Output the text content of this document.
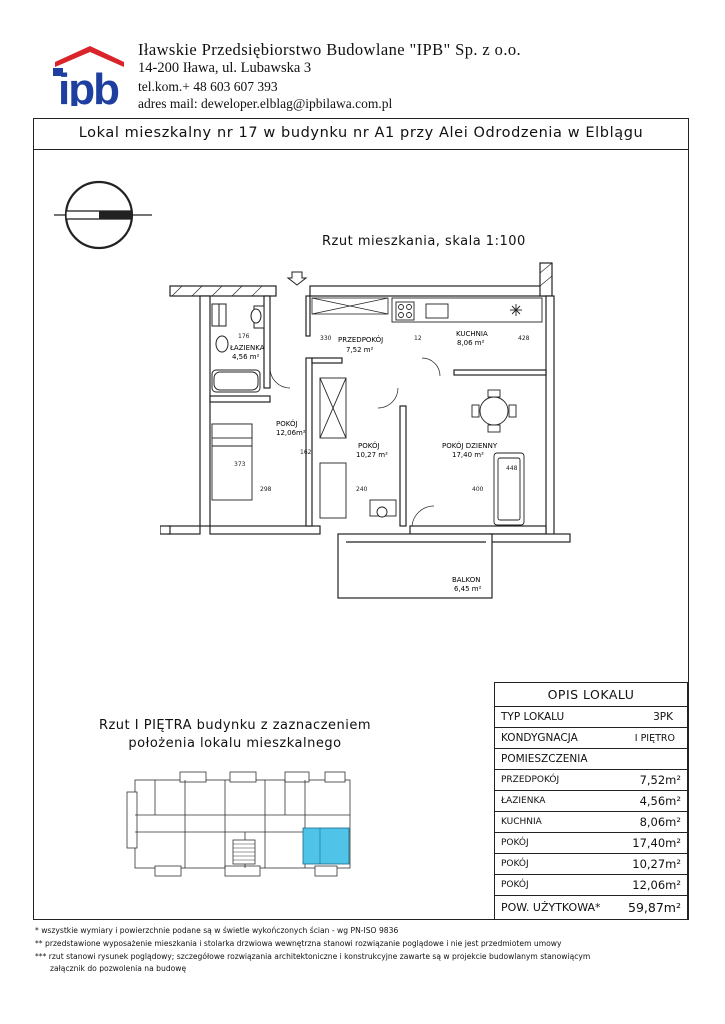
ipb
Iławskie Przedsiębiorstwo Budowlane "IPB" Sp. z o.o.
14-200 Iława, ul. Lubawska 3
tel.kom.+ 48 603 607 393
adres mail: deweloper.elblag@ipbilawa.com.pl
Lokal mieszkalny nr 17 w budynku nr A1 przy Alei Odrodzenia w Elblągu
Rzut mieszkania, skala 1:100
KUCHNIA
8,06 m²
PRZEDPOKÓJ
7,52 m²
ŁAZIENKA
4,56 m²
POKÓJ
12,06m²
POKÓJ
10,27 m²
POKÓJ DZIENNY
17,40 m²
BALKON
6,45 m²
176	330	428
12
373
298	240	400
448
162
Rzut I PIĘTRA budynku z zaznaczeniem
położenia lokalu mieszkalnego
OPIS LOKALU
TYP LOKALU	3PK
KONDYGNACJA	I PIĘTRO
POMIESZCZENIA
PRZEDPOKÓJ	7,52m²
ŁAZIENKA	4,56m²
KUCHNIA	8,06m²
POKÓJ	17,40m²
POKÓJ	10,27m²
POKÓJ	12,06m²
POW. UŻYTKOWA* 59,87m²
* wszystkie wymiary i powierzchnie podane są w świetle wykończonych ścian - wg PN-ISO 9836
** przedstawione wyposażenie mieszkania i stolarka drzwiowa wewnętrzna stanowi rozwiązanie poglądowe i nie jest przedmiotem umowy
*** rzut stanowi rysunek poglądowy; szczegółowe rozwiązania architektoniczne i konstrukcyjne zawarte są w projekcie budowlanym stanowiącym
załącznik do pozwolenia na budowę
